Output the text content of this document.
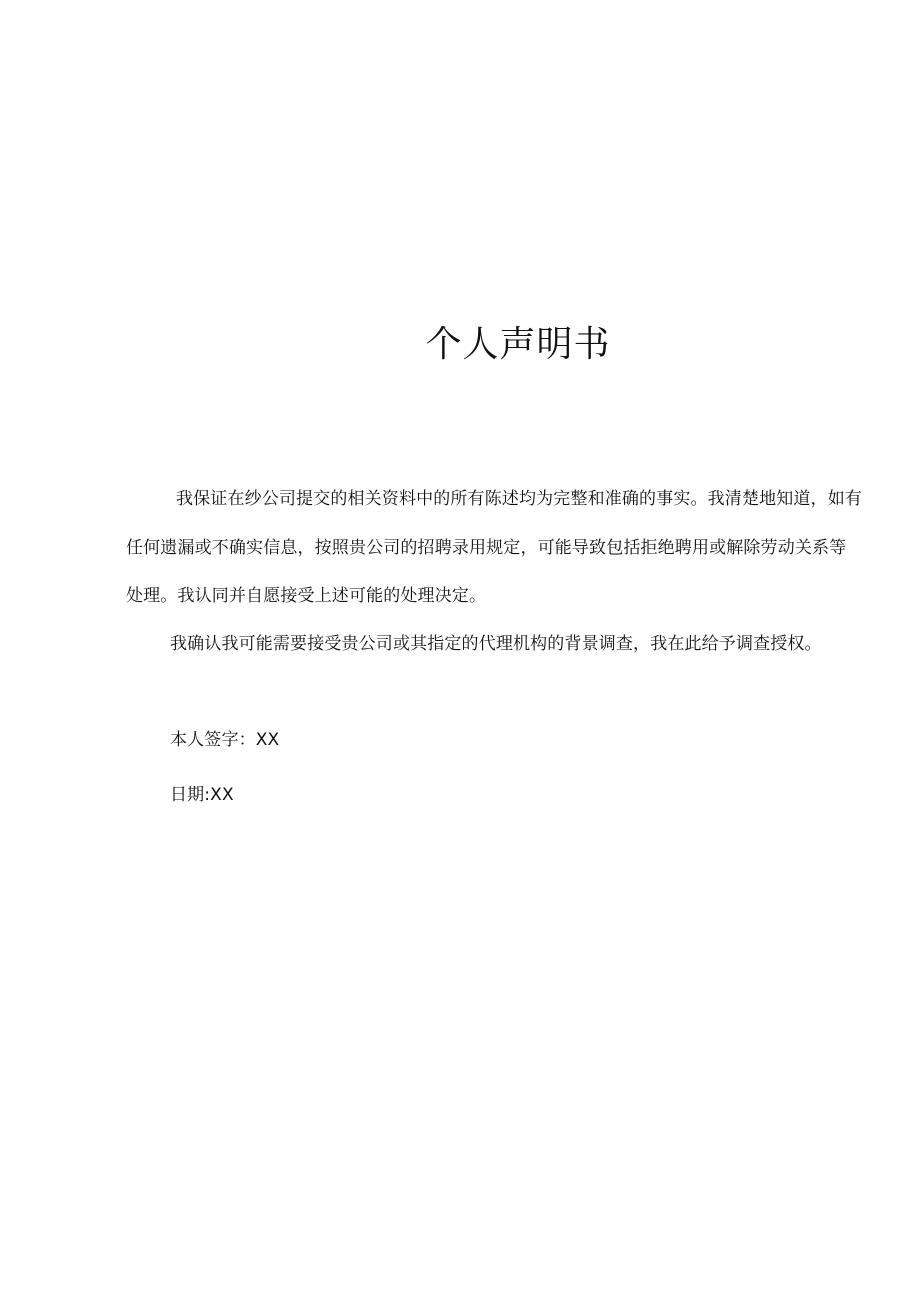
个人声明书
我保证在纱公司提交的相关资料中的所有陈述均为完整和准确的事实。我清楚地知道，如有
任何遗漏或不确实信息，按照贵公司的招聘录用规定，可能导致包括拒绝聘用或解除劳动关系等
处理。我认同并自愿接受上述可能的处理决定。
我确认我可能需要接受贵公司或其指定的代理机构的背景调查，我在此给予调查授权。
本人签字：XX
日期:XX
